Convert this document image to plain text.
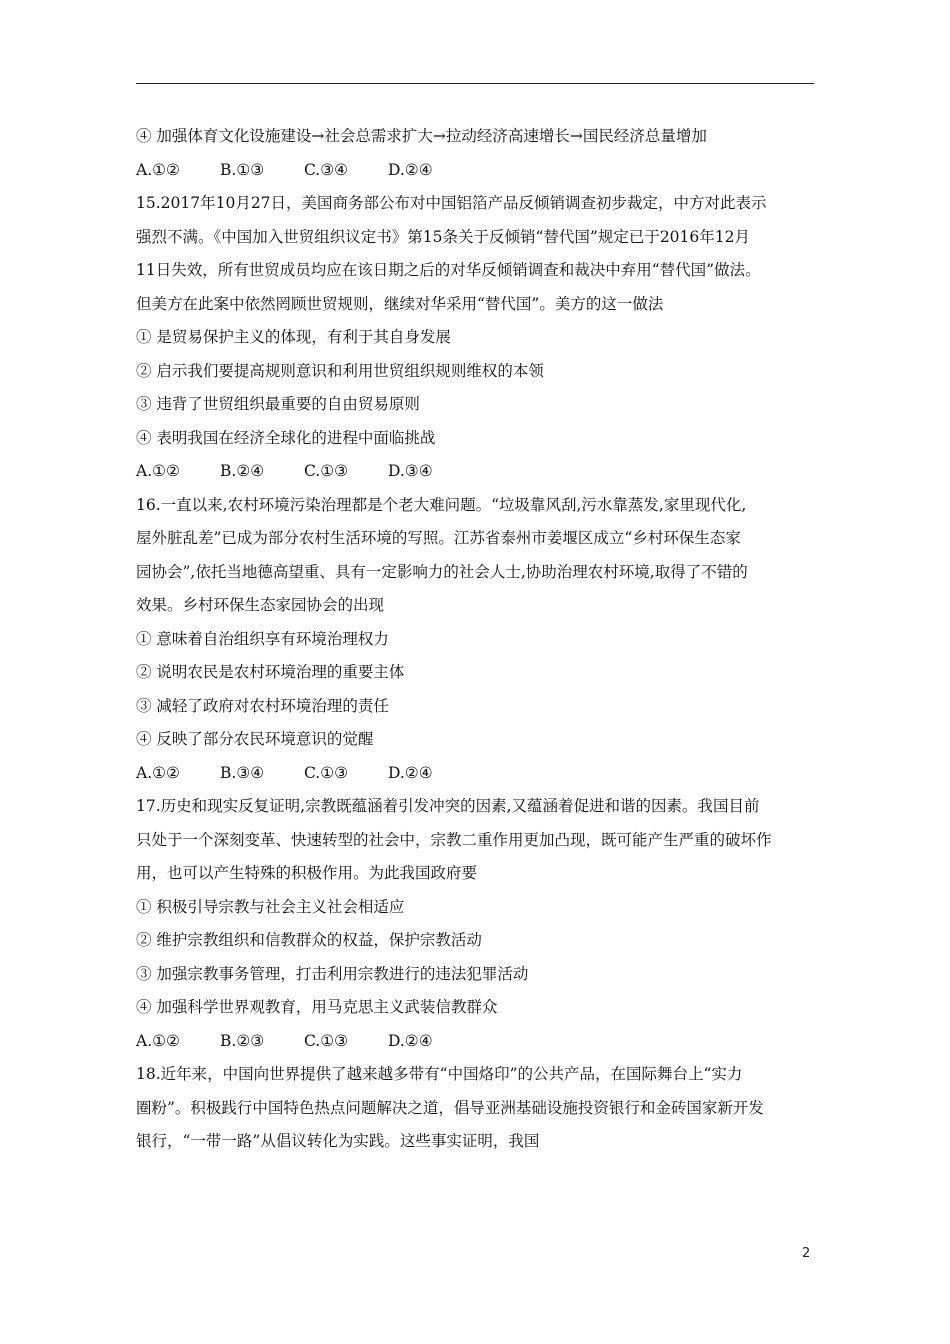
④ 加强体育文化设施建设→社会总需求扩大→拉动经济高速增长→国民经济总量增加
A.①②	B.①③	C.③④	D.②④
15.2017年10月27日，美国商务部公布对中国铝箔产品反倾销调查初步裁定，中方对此表示
强烈不满。《中国加入世贸组织议定书》第15条关于反倾销“替代国”规定已于2016年12月
11日失效，所有世贸成员均应在该日期之后的对华反倾销调查和裁决中弃用“替代国”做法。
但美方在此案中依然罔顾世贸规则，继续对华采用“替代国”。美方的这一做法
① 是贸易保护主义的体现，有利于其自身发展
② 启示我们要提高规则意识和利用世贸组织规则维权的本领
③ 违背了世贸组织最重要的自由贸易原则
④ 表明我国在经济全球化的进程中面临挑战
A.①②	B.②④	C.①③	D.③④
16.一直以来,农村环境污染治理都是个老大难问题。“垃圾靠风刮,污水靠蒸发,家里现代化,
屋外脏乱差”已成为部分农村生活环境的写照。江苏省泰州市姜堰区成立“乡村环保生态家
园协会”,依托当地德高望重、具有一定影响力的社会人士,协助治理农村环境,取得了不错的
效果。乡村环保生态家园协会的出现
① 意味着自治组织享有环境治理权力
② 说明农民是农村环境治理的重要主体
③ 减轻了政府对农村环境治理的责任
④ 反映了部分农民环境意识的觉醒
A.①②	B.③④	C.①③	D.②④
17.历史和现实反复证明,宗教既蕴涵着引发冲突的因素,又蕴涵着促进和谐的因素。我国目前
只处于一个深刻变革、快速转型的社会中，宗教二重作用更加凸现，既可能产生严重的破坏作
用，也可以产生特殊的积极作用。为此我国政府要
① 积极引导宗教与社会主义社会相适应
② 维护宗教组织和信教群众的权益，保护宗教活动
③ 加强宗教事务管理，打击利用宗教进行的违法犯罪活动
④ 加强科学世界观教育，用马克思主义武装信教群众
A.①②	B.②③	C.①③	D.②④
18.近年来，中国向世界提供了越来越多带有“中国烙印”的公共产品，在国际舞台上“实力
圈粉”。积极践行中国特色热点问题解决之道，倡导亚洲基础设施投资银行和金砖国家新开发
银行，“一带一路”从倡议转化为实践。这些事实证明，我国
2
